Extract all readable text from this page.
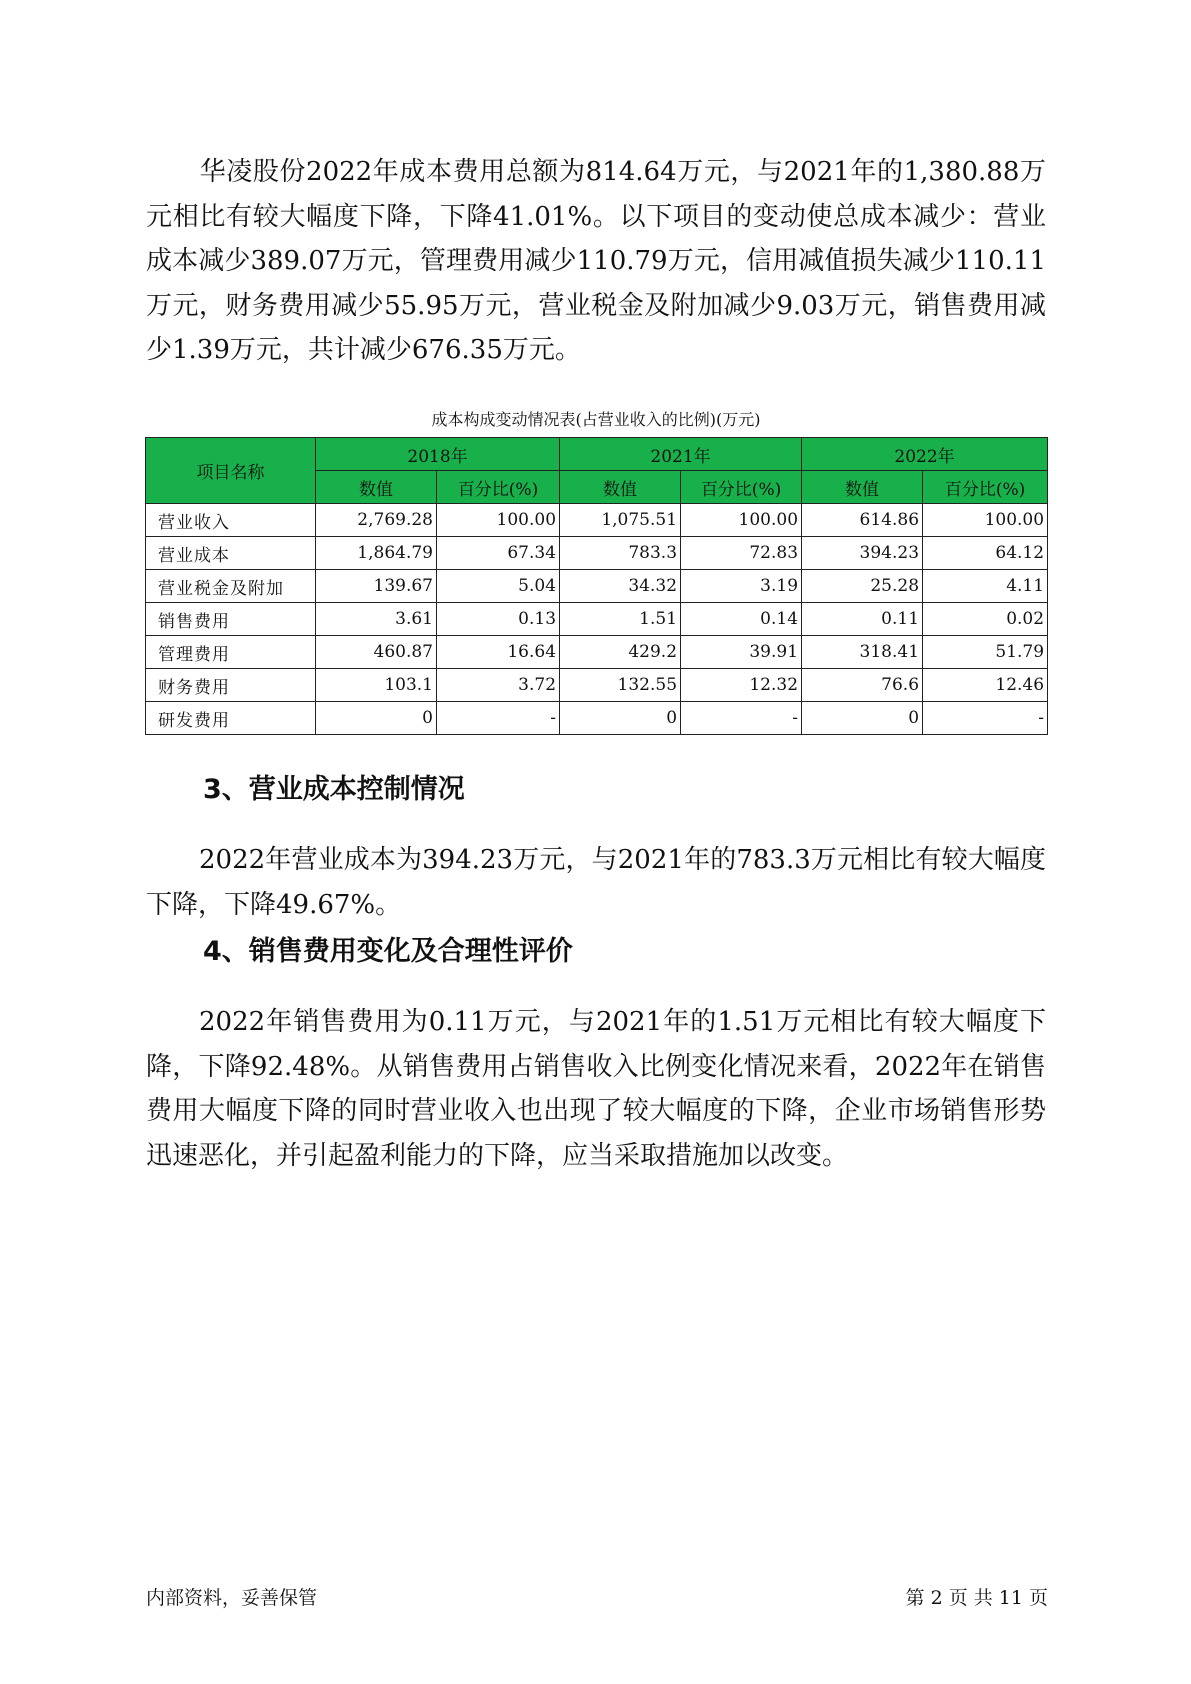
华凌股份2022年成本费用总额为814.64万元，与2021年的1,380.88万元相比有较大幅度下降，下降41.01%。以下项目的变动使总成本减少：营业成本减少389.07万元，管理费用减少110.79万元，信用减值损失减少110.11万元，财务费用减少55.95万元，营业税金及附加减少9.03万元，销售费用减少1.39万元，共计减少676.35万元。

成本构成变动情况表(占营业收入的比例)(万元)
项目名称	2018年		2021年		2022年	
	数值	百分比(%)	数值	百分比(%)	数值	百分比(%)
营业收入	2,769.28	100.00	1,075.51	100.00	614.86	100.00
营业成本	1,864.79	67.34	783.3	72.83	394.23	64.12
营业税金及附加	139.67	5.04	34.32	3.19	25.28	4.11
销售费用	3.61	0.13	1.51	0.14	0.11	0.02
管理费用	460.87	16.64	429.2	39.91	318.41	51.79
财务费用	103.1	3.72	132.55	12.32	76.6	12.46
研发费用	0	-	0	-	0	-
3、营业成本控制情况

2022年营业成本为394.23万元，与2021年的783.3万元相比有较大幅度下降，下降49.67%。

4、销售费用变化及合理性评价

2022年销售费用为0.11万元，与2021年的1.51万元相比有较大幅度下降，下降92.48%。从销售费用占销售收入比例变化情况来看，2022年在销售费用大幅度下降的同时营业收入也出现了较大幅度的下降，企业市场销售形势迅速恶化，并引起盈利能力的下降，应当采取措施加以改变。

内部资料，妥善保管	第 2 页 共 11 页
